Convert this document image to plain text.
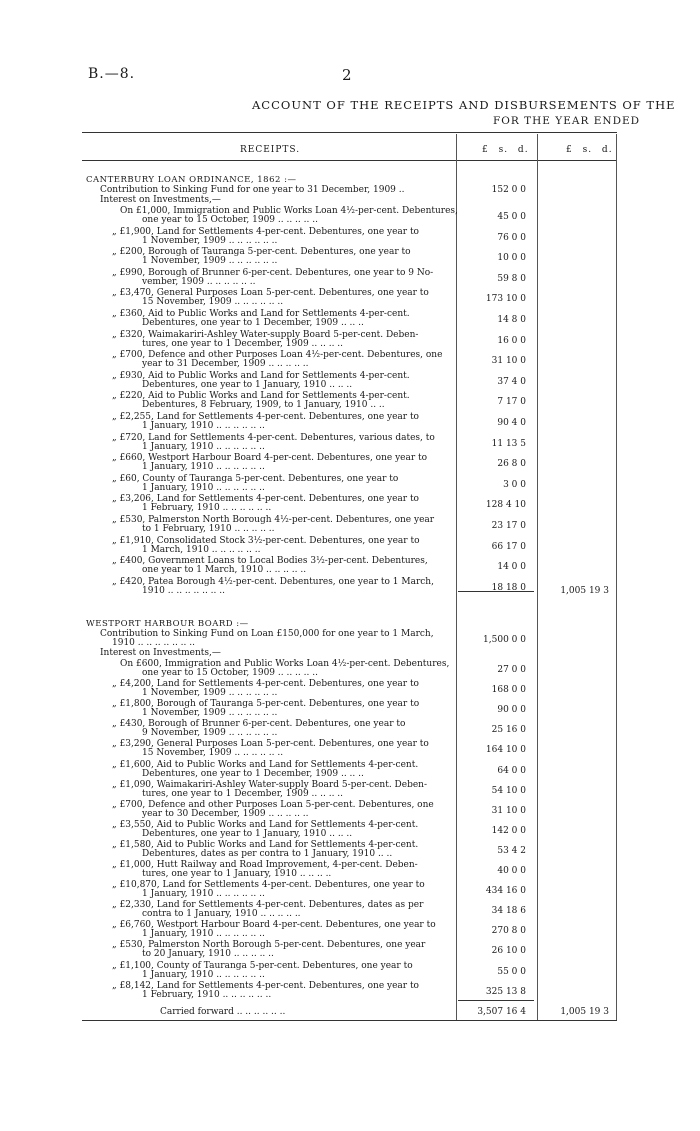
B.—8.	2
ACCOUNT OF THE RECEIPTS AND DISBURSEMENTS OF THE
FOR THE YEAR ENDED
RECEIPTS.	£ s. d.	£ s. d.
CANTERBURY LOAN ORDINANCE, 1862 :—
Contribution to Sinking Fund for one year to 31 December, 1909 ..	152 0 0
Interest on Investments,—
On £1,000, Immigration and Public Works Loan 4½-per-cent. Debentures,
one year to 15 October, 1909 .. .. .. .. ..	45 0 0
„ £1,900, Land for Settlements 4-per-cent. Debentures, one year to
1 November, 1909 .. .. .. .. .. ..	76 0 0
„ £200, Borough of Tauranga 5-per-cent. Debentures, one year to
1 November, 1909 .. .. .. .. .. ..	10 0 0
„ £990, Borough of Brunner 6-per-cent. Debentures, one year to 9 No-
vember, 1909 .. .. .. .. .. ..	59 8 0
„ £3,470, General Purposes Loan 5-per-cent. Debentures, one year to
15 November, 1909 .. .. .. .. .. ..	173 10 0
„ £360, Aid to Public Works and Land for Settlements 4-per-cent.
Debentures, one year to 1 December, 1909 .. .. ..	14 8 0
„ £320, Waimakariri-Ashley Water-supply Board 5-per-cent. Deben-
tures, one year to 1 December, 1909 .. .. .. ..	16 0 0
„ £700, Defence and other Purposes Loan 4½-per-cent. Debentures, one
year to 31 December, 1909 .. .. .. .. ..	31 10 0
„ £930, Aid to Public Works and Land for Settlements 4-per-cent.
Debentures, one year to 1 January, 1910 .. .. ..	37 4 0
„ £220, Aid to Public Works and Land for Settlements 4-per-cent.
Debentures, 8 February, 1909, to 1 January, 1910 .. ..	7 17 0
„ £2,255, Land for Settlements 4-per-cent. Debentures, one year to
1 January, 1910 .. .. .. .. .. ..	90 4 0
„ £720, Land for Settlements 4-per-cent. Debentures, various dates, to
1 January, 1910 .. .. .. .. .. ..	11 13 5
„ £660, Westport Harbour Board 4-per-cent. Debentures, one year to
1 January, 1910 .. .. .. .. .. ..	26 8 0
„ £60, County of Tauranga 5-per-cent. Debentures, one year to
1 January, 1910 .. .. .. .. .. ..	3 0 0
„ £3,206, Land for Settlements 4-per-cent. Debentures, one year to
1 February, 1910 .. .. .. .. .. ..	128 4 10
„ £530, Palmerston North Borough 4½-per-cent. Debentures, one year
to 1 February, 1910 .. .. .. .. ..	23 17 0
„ £1,910, Consolidated Stock 3½-per-cent. Debentures, one year to
1 March, 1910 .. .. .. .. .. ..	66 17 0
„ £400, Government Loans to Local Bodies 3½-per-cent. Debentures,
one year to 1 March, 1910 .. .. .. .. ..	14 0 0
„ £420, Patea Borough 4½-per-cent. Debentures, one year to 1 March,
1910 .. .. .. .. .. .. ..	18 18 0	1,005 19 3
WESTPORT HARBOUR BOARD :—
Contribution to Sinking Fund on Loan £150,000 for one year to 1 March,
1910 .. .. .. .. .. .. ..	1,500 0 0
Interest on Investments,—
On £600, Immigration and Public Works Loan 4½-per-cent. Debentures,
one year to 15 October, 1909 .. .. .. .. ..	27 0 0
„ £4,200, Land for Settlements 4-per-cent. Debentures, one year to
1 November, 1909 .. .. .. .. .. ..	168 0 0
„ £1,800, Borough of Tauranga 5-per-cent. Debentures, one year to
1 November, 1909 .. .. .. .. .. ..	90 0 0
„ £430, Borough of Brunner 6-per-cent. Debentures, one year to
9 November, 1909 .. .. .. .. .. ..	25 16 0
„ £3,290, General Purposes Loan 5-per-cent. Debentures, one year to
15 November, 1909 .. .. .. .. .. ..	164 10 0
„ £1,600, Aid to Public Works and Land for Settlements 4-per-cent.
Debentures, one year to 1 December, 1909 .. .. ..	64 0 0
„ £1,090, Waimakariri-Ashley Water-supply Board 5-per-cent. Deben-
tures, one year to 1 December, 1909 .. .. .. ..	54 10 0
„ £700, Defence and other Purposes Loan 5-per-cent. Debentures, one
year to 30 December, 1909 .. .. .. .. ..	31 10 0
„ £3,550, Aid to Public Works and Land for Settlements 4-per-cent.
Debentures, one year to 1 January, 1910 .. .. ..	142 0 0
„ £1,580, Aid to Public Works and Land for Settlements 4-per-cent.
Debentures, dates as per contra to 1 January, 1910 .. ..	53 4 2
„ £1,000, Hutt Railway and Road Improvement, 4-per-cent. Deben-
tures, one year to 1 January, 1910 .. .. .. ..	40 0 0
„ £10,870, Land for Settlements 4-per-cent. Debentures, one year to
1 January, 1910 .. .. .. .. .. ..	434 16 0
„ £2,330, Land for Settlements 4-per-cent. Debentures, dates as per
contra to 1 January, 1910 .. .. .. .. ..	34 18 6
„ £6,760, Westport Harbour Board 4-per-cent. Debentures, one year to
1 January, 1910 .. .. .. .. .. ..	270 8 0
„ £530, Palmerston North Borough 5-per-cent. Debentures, one year
to 20 January, 1910 .. .. .. .. ..	26 10 0
„ £1,100, County of Tauranga 5-per-cent. Debentures, one year to
1 January, 1910 .. .. .. .. .. ..	55 0 0
„ £8,142, Land for Settlements 4-per-cent. Debentures, one year to
1 February, 1910 .. .. .. .. .. ..	325 13 8
Carried forward .. .. .. .. .. ..	3,507 16 4	1,005 19 3
